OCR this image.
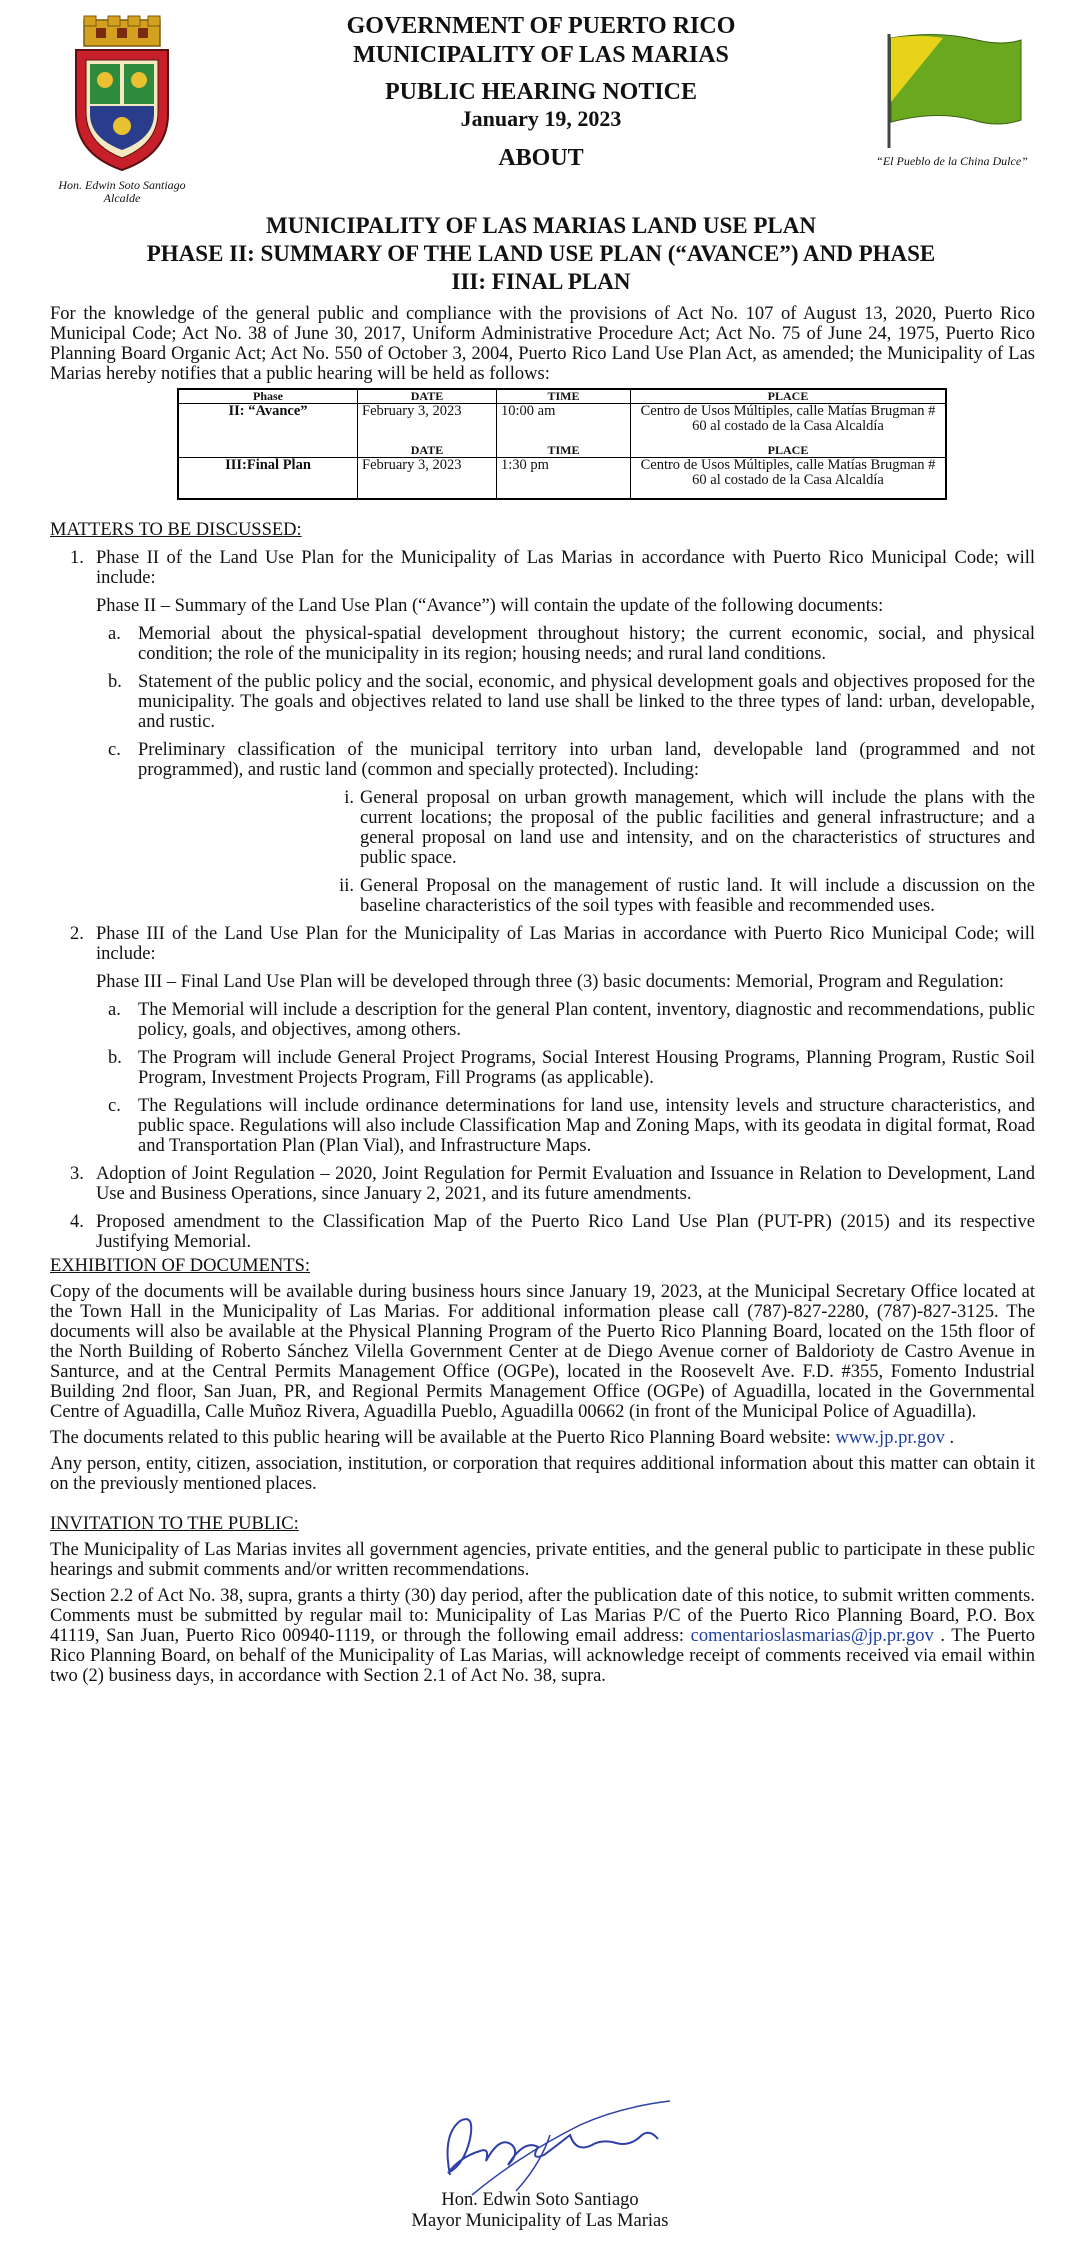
Hon. Edwin Soto Santiago
Alcalde
GOVERNMENT OF PUERTO RICO
MUNICIPALITY OF LAS MARIAS
PUBLIC HEARING NOTICE
January 19, 2023
ABOUT	“El Pueblo de la China Dulce”
MUNICIPALITY OF LAS MARIAS LAND USE PLAN
PHASE II: SUMMARY OF THE LAND USE PLAN (“AVANCE”) AND PHASE
III: FINAL PLAN

For the knowledge of the general public and compliance with the provisions of Act No. 107 of August 13, 2020, Puerto Rico Municipal Code; Act No. 38 of June 30, 2017, Uniform Administrative Procedure Act; Act No. 75 of June 24, 1975, Puerto Rico Planning Board Organic Act; Act No. 550 of October 3, 2004, Puerto Rico Land Use Plan Act, as amended; the Municipality of Las Marias hereby notifies that a public hearing will be held as follows:

Phase	DATE	TIME	PLACE
II: “Avance”	February 3, 2023	10:00 am	Centro de Usos Múltiples, calle Matías Brugman # 60 al costado de la Casa Alcaldía
	DATE	TIME	PLACE
III:Final Plan	February 3, 2023	1:30 pm	Centro de Usos Múltiples, calle Matías Brugman # 60 al costado de la Casa Alcaldía
MATTERS TO BE DISCUSSED:
1. Phase II of the Land Use Plan for the Municipality of Las Marias in accordance with Puerto Rico Municipal Code; will include:

Phase II – Summary of the Land Use Plan (“Avance”) will contain the update of the following documents:

a. Memorial about the physical-spatial development throughout history; the current economic, social, and physical condition; the role of the municipality in its region; housing needs; and rural land conditions.

b. Statement of the public policy and the social, economic, and physical development goals and objectives proposed for the municipality. The goals and objectives related to land use shall be linked to the three types of land: urban, developable, and rustic.

c. Preliminary classification of the municipal territory into urban land, developable land (programmed and not programmed), and rustic land (common and specially protected). Including:

i. General proposal on urban growth management, which will include the plans with the current locations; the proposal of the public facilities and general infrastructure; and a general proposal on land use and intensity, and on the characteristics of structures and public space.

ii. General Proposal on the management of rustic land. It will include a discussion on the baseline characteristics of the soil types with feasible and recommended uses.

2. Phase III of the Land Use Plan for the Municipality of Las Marias in accordance with Puerto Rico Municipal Code; will include:

Phase III – Final Land Use Plan will be developed through three (3) basic documents: Memorial, Program and Regulation:

a. The Memorial will include a description for the general Plan content, inventory, diagnostic and recommendations, public policy, goals, and objectives, among others.

b. The Program will include General Project Programs, Social Interest Housing Programs, Planning Program, Rustic Soil Program, Investment Projects Program, Fill Programs (as applicable).

c. The Regulations will include ordinance determinations for land use, intensity levels and structure characteristics, and public space. Regulations will also include Classification Map and Zoning Maps, with its geodata in digital format, Road and Transportation Plan (Plan Vial), and Infrastructure Maps.

3. Adoption of Joint Regulation – 2020, Joint Regulation for Permit Evaluation and Issuance in Relation to Development, Land Use and Business Operations, since January 2, 2021, and its future amendments.

4. Proposed amendment to the Classification Map of the Puerto Rico Land Use Plan (PUT-PR) (2015) and its respective Justifying Memorial.

EXHIBITION OF DOCUMENTS:

Copy of the documents will be available during business hours since January 19, 2023, at the Municipal Secretary Office located at the Town Hall in the Municipality of Las Marias. For additional information please call (787)-827-2280, (787)-827-3125. The documents will also be available at the Physical Planning Program of the Puerto Rico Planning Board, located on the 15th floor of the North Building of Roberto Sánchez Vilella Government Center at de Diego Avenue corner of Baldorioty de Castro Avenue in Santurce, and at the Central Permits Management Office (OGPe), located in the Roosevelt Ave. F.D. #355, Fomento Industrial Building 2nd floor, San Juan, PR, and Regional Permits Management Office (OGPe) of Aguadilla, located in the Governmental Centre of Aguadilla, Calle Muñoz Rivera, Aguadilla Pueblo, Aguadilla 00662 (in front of the Municipal Police of Aguadilla).

The documents related to this public hearing will be available at the Puerto Rico Planning Board website: www.jp.pr.gov .

Any person, entity, citizen, association, institution, or corporation that requires additional information about this matter can obtain it on the previously mentioned places.

INVITATION TO THE PUBLIC:

The Municipality of Las Marias invites all government agencies, private entities, and the general public to participate in these public hearings and submit comments and/or written recommendations.

Section 2.2 of Act No. 38, supra, grants a thirty (30) day period, after the publication date of this notice, to submit written comments. Comments must be submitted by regular mail to: Municipality of Las Marias P/C of the Puerto Rico Planning Board, P.O. Box 41119, San Juan, Puerto Rico 00940-1119, or through the following email address: comentarioslasmarias@jp.pr.gov . The Puerto Rico Planning Board, on behalf of the Municipality of Las Marias, will acknowledge receipt of comments received via email within two (2) business days, in accordance with Section 2.1 of Act No. 38, supra.

Hon. Edwin Soto Santiago
Mayor Municipality of Las Marias
